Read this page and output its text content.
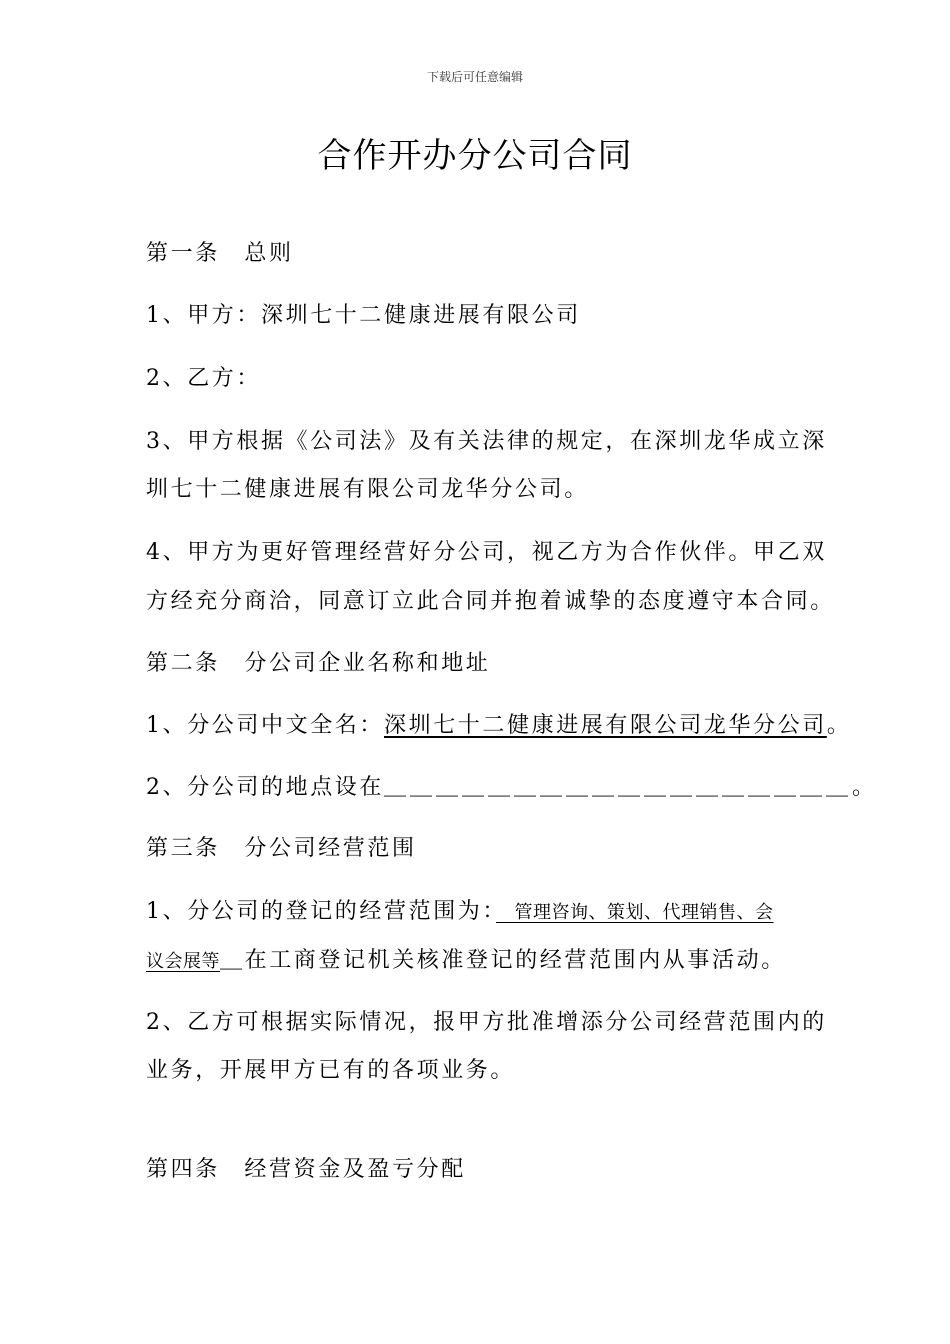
下载后可任意编辑
合作开办分公司合同
第一条　总则
1、甲方：深圳七十二健康进展有限公司
2、乙方：
3、甲方根据《公司法》及有关法律的规定，在深圳龙华成立深
圳七十二健康进展有限公司龙华分公司。
4、甲方为更好管理经营好分公司，视乙方为合作伙伴。甲乙双
方经充分商洽，同意订立此合同并抱着诚挚的态度遵守本合同。
第二条　分公司企业名称和地址
1、分公司中文全名：深圳七十二健康进展有限公司龙华分公司。
2、分公司的地点设在＿＿＿＿＿＿＿＿＿＿＿＿＿＿＿＿＿＿。
第三条　分公司经营范围
1、分公司的登记的经营范围为：　管理咨询、策划、代理销售、会
议会展等＿在工商登记机关核准登记的经营范围内从事活动。
2、乙方可根据实际情况，报甲方批准增添分公司经营范围内的
业务，开展甲方已有的各项业务。
第四条　经营资金及盈亏分配
